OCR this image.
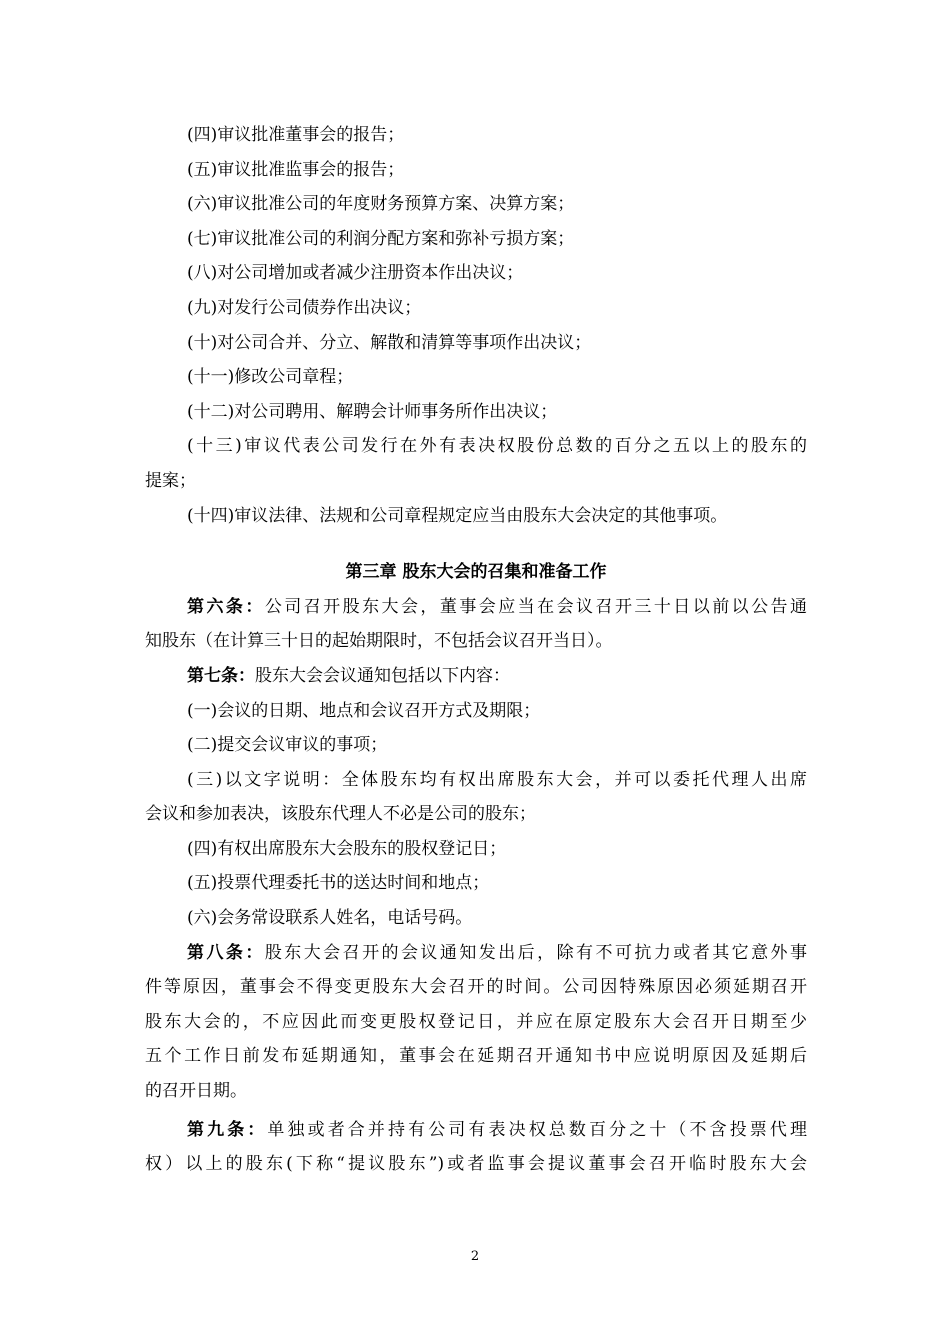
(四)审议批准董事会的报告；
(五)审议批准监事会的报告；
(六)审议批准公司的年度财务预算方案、决算方案；
(七)审议批准公司的利润分配方案和弥补亏损方案；
(八)对公司增加或者减少注册资本作出决议；
(九)对发行公司债券作出决议；
(十)对公司合并、分立、解散和清算等事项作出决议；
(十一)修改公司章程；
(十二)对公司聘用、解聘会计师事务所作出决议；
(十三)审议代表公司发行在外有表决权股份总数的百分之五以上的股东的
提案；
(十四)审议法律、法规和公司章程规定应当由股东大会决定的其他事项。
第三章 股东大会的召集和准备工作
第六条：公司召开股东大会，董事会应当在会议召开三十日以前以公告通
知股东（在计算三十日的起始期限时，不包括会议召开当日）。
第七条：股东大会会议通知包括以下内容：
(一)会议的日期、地点和会议召开方式及期限；
(二)提交会议审议的事项；
(三)以文字说明：全体股东均有权出席股东大会，并可以委托代理人出席
会议和参加表决，该股东代理人不必是公司的股东；
(四)有权出席股东大会股东的股权登记日；
(五)投票代理委托书的送达时间和地点；
(六)会务常设联系人姓名，电话号码。
第八条：股东大会召开的会议通知发出后，除有不可抗力或者其它意外事
件等原因，董事会不得变更股东大会召开的时间。公司因特殊原因必须延期召开
股东大会的，不应因此而变更股权登记日，并应在原定股东大会召开日期至少
五个工作日前发布延期通知，董事会在延期召开通知书中应说明原因及延期后
的召开日期。
第九条：单独或者合并持有公司有表决权总数百分之十（不含投票代理
权）以上的股东(下称“提议股东”)或者监事会提议董事会召开临时股东大会
2
